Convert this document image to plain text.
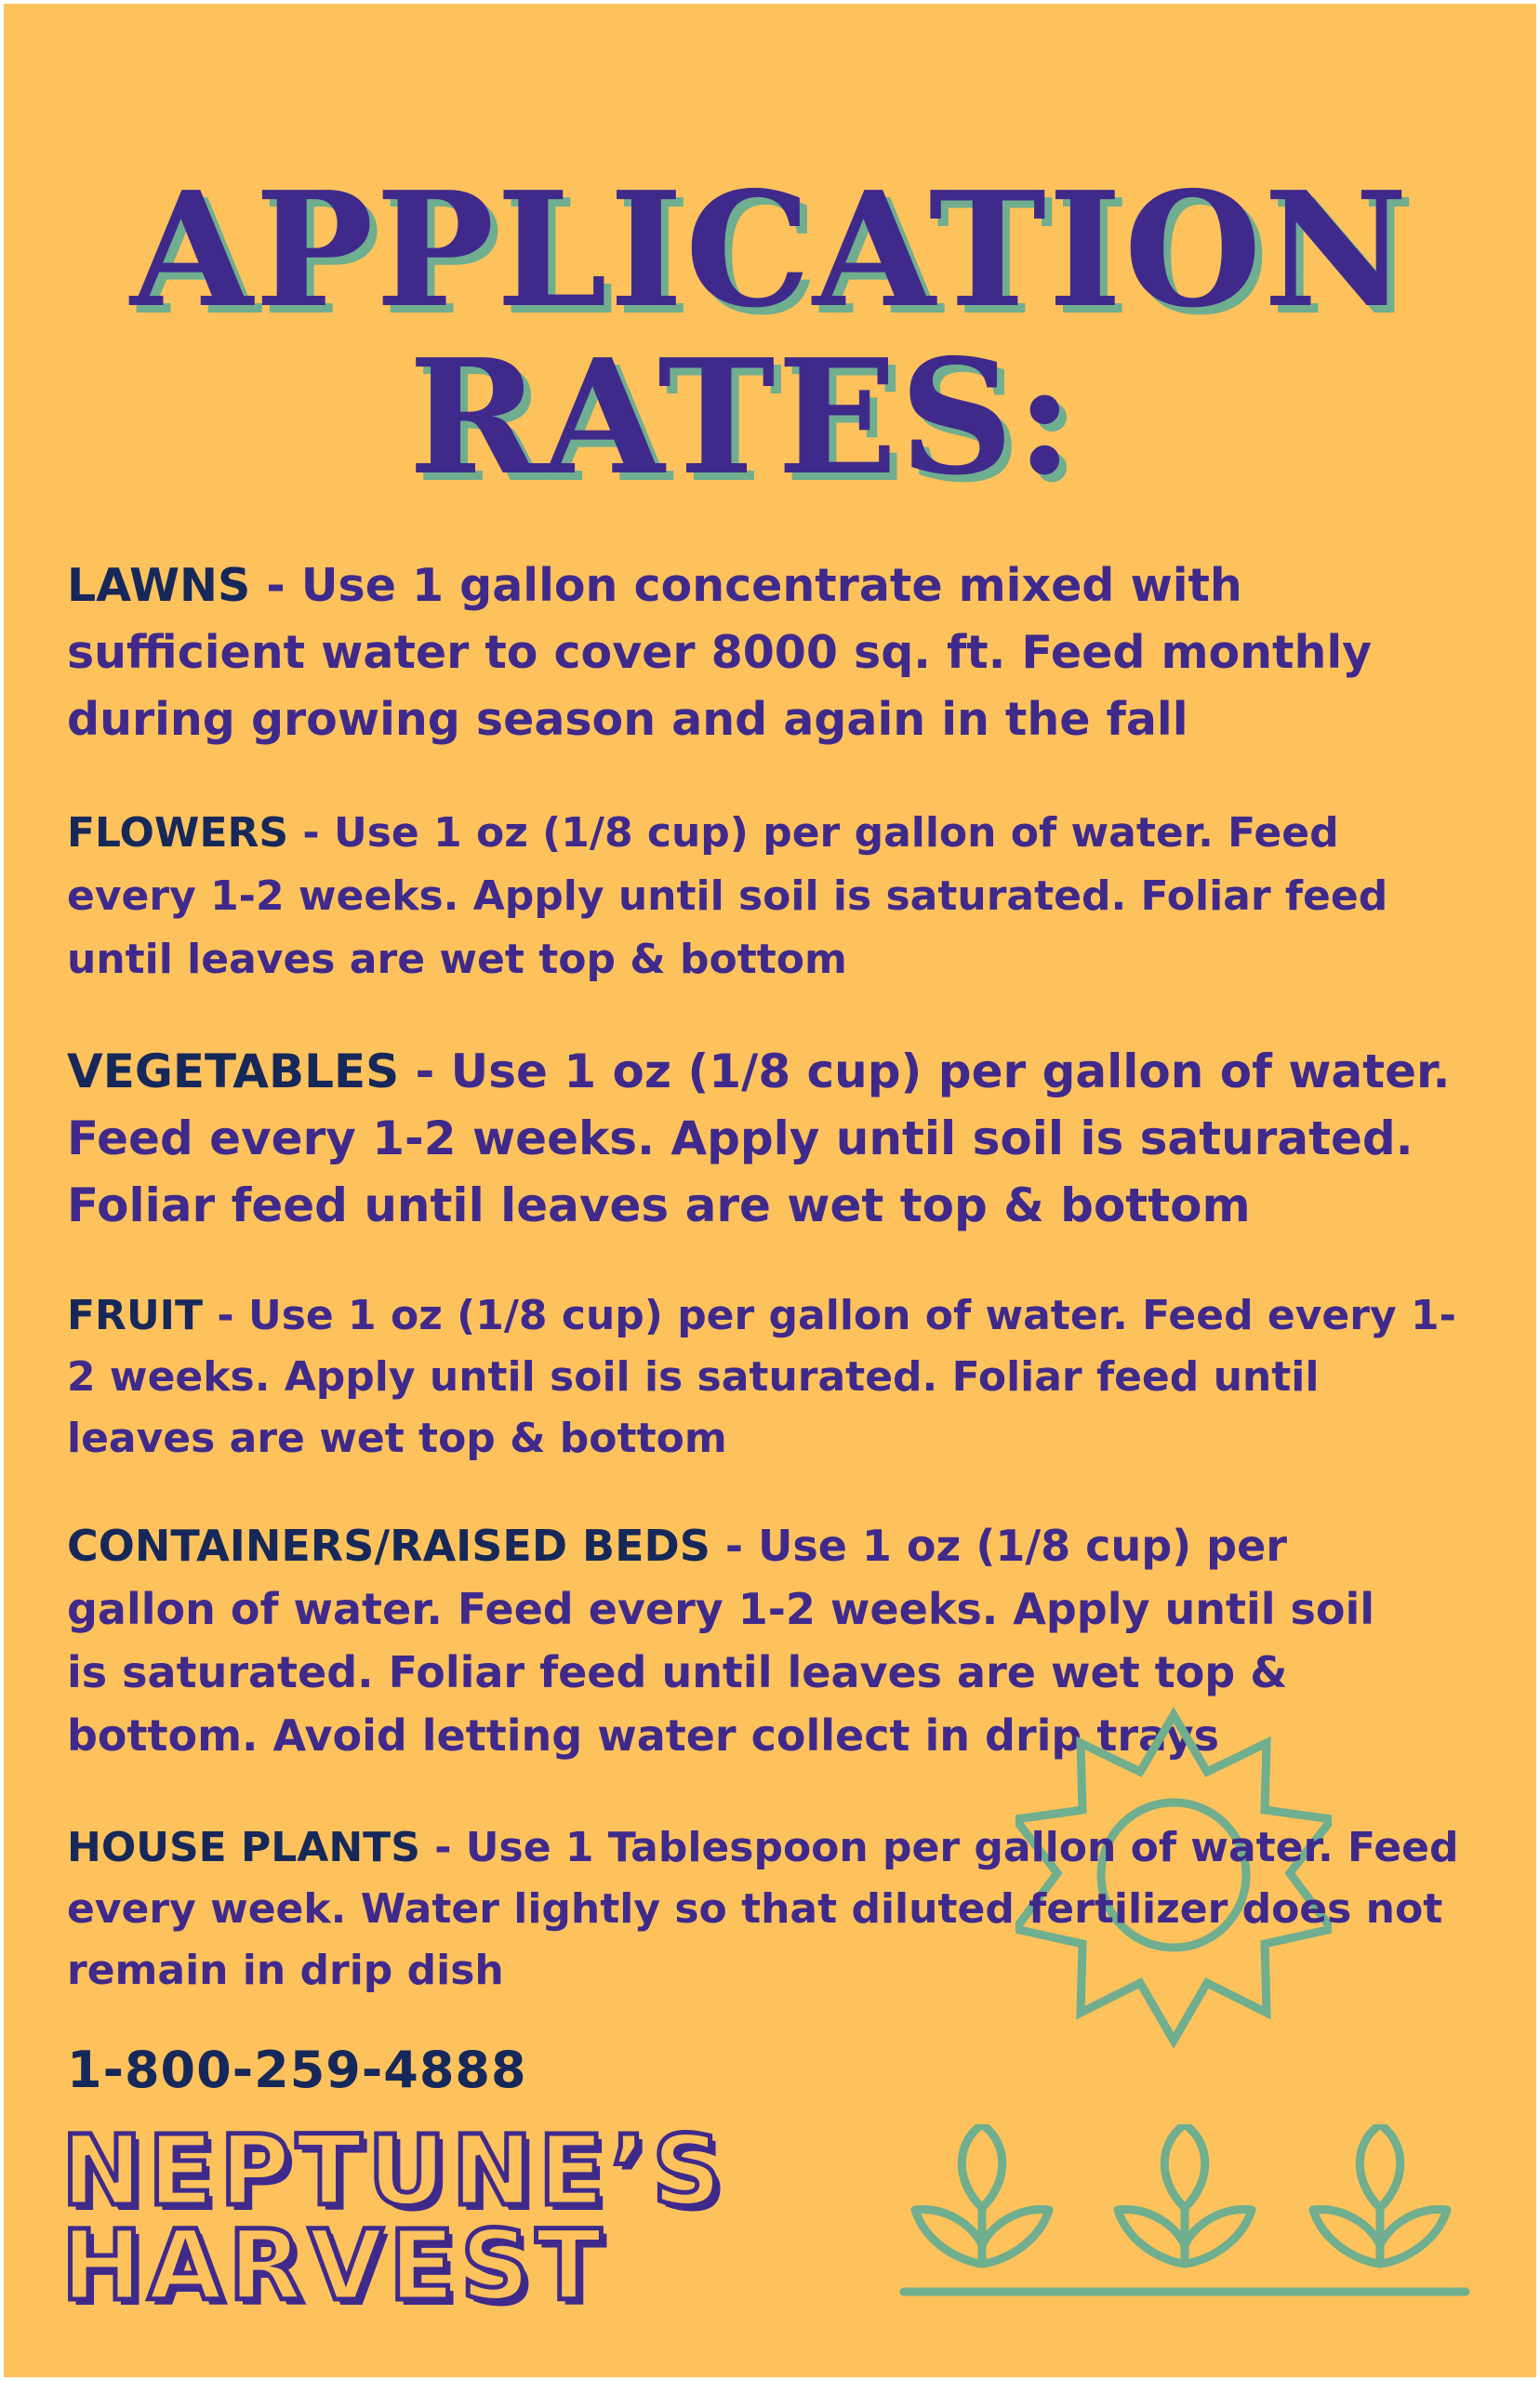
APPLICATION
RATES:

LAWNS - Use 1 gallon concentrate mixed with sufficient water to cover 8000 sq. ft. Feed monthly during growing season and again in the fall

FLOWERS - Use 1 oz (1/8 cup) per gallon of water. Feed every 1-2 weeks. Apply until soil is saturated. Foliar feed until leaves are wet top & bottom

VEGETABLES - Use 1 oz (1/8 cup) per gallon of water. Feed every 1-2 weeks. Apply until soil is saturated. Foliar feed until leaves are wet top & bottom

FRUIT - Use 1 oz (1/8 cup) per gallon of water. Feed every 1-2 weeks. Apply until soil is saturated. Foliar feed until leaves are wet top & bottom

CONTAINERS/RAISED BEDS - Use 1 oz (1/8 cup) per gallon of water. Feed every 1-2 weeks. Apply until soil is saturated. Foliar feed until leaves are wet top & bottom. Avoid letting water collect in drip trays

HOUSE PLANTS - Use 1 Tablespoon per gallon of water. Feed every week. Water lightly so that diluted fertilizer does not remain in drip dish

1-800-259-4888
NEPTUNE’S
HARVEST
